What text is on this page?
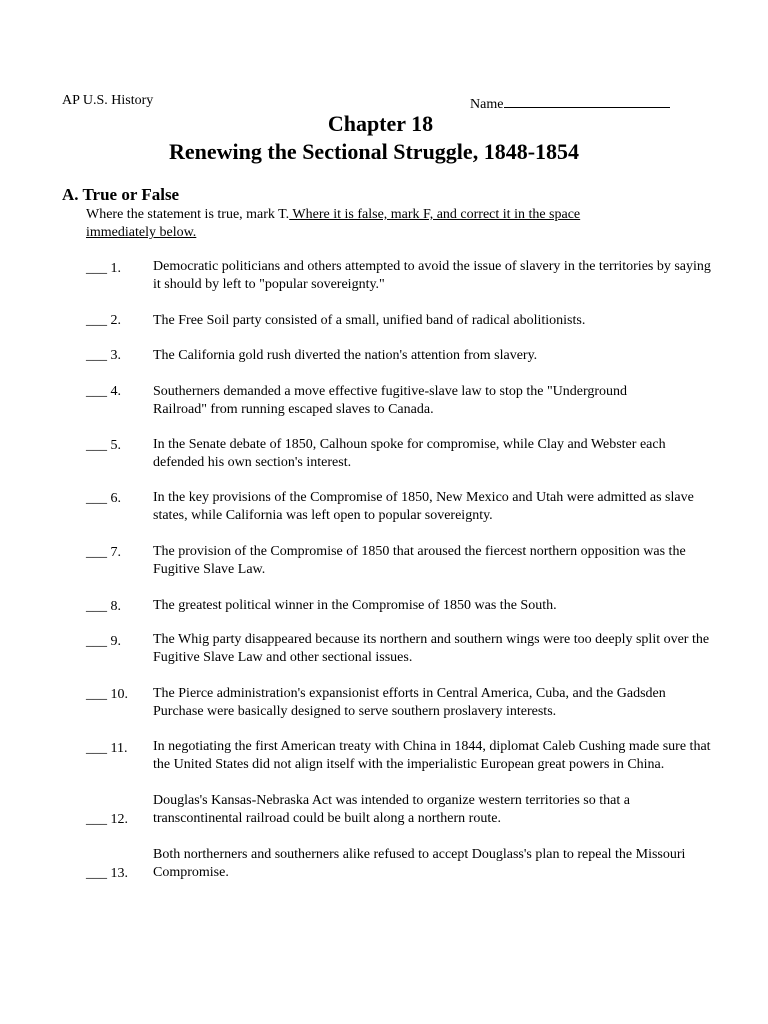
AP U.S. History	Name
Chapter 18
Renewing the Sectional Struggle, 1848-1854
A. True or False
Where the statement is true, mark T. Where it is false, mark F, and correct it in the space immediately below.
___ 1. Democratic politicians and others attempted to avoid the issue of slavery in the territories by saying it should by left to "popular sovereignty."
___ 2. The Free Soil party consisted of a small, unified band of radical abolitionists.
___ 3. The California gold rush diverted the nation's attention from slavery.
___ 4. Southerners demanded a move effective fugitive-slave law to stop the "Underground Railroad" from running escaped slaves to Canada.
___ 5. In the Senate debate of 1850, Calhoun spoke for compromise, while Clay and Webster each defended his own section's interest.
___ 6. In the key provisions of the Compromise of 1850, New Mexico and Utah were admitted as slave states, while California was left open to popular sovereignty.
___ 7. The provision of the Compromise of 1850 that aroused the fiercest northern opposition was the Fugitive Slave Law.
___ 8. The greatest political winner in the Compromise of 1850 was the South.
___ 9. The Whig party disappeared because its northern and southern wings were too deeply split over the Fugitive Slave Law and other sectional issues.
___ 10. The Pierce administration's expansionist efforts in Central America, Cuba, and the Gadsden Purchase were basically designed to serve southern proslavery interests.
___ 11. In negotiating the first American treaty with China in 1844, diplomat Caleb Cushing made sure that the United States did not align itself with the imperialistic European great powers in China.
___ 12.
Douglas's Kansas-Nebraska Act was intended to organize western territories so that a transcontinental railroad could be built along a northern route.
___ 13.
Both northerners and southerners alike refused to accept Douglass's plan to repeal the Missouri Compromise.
